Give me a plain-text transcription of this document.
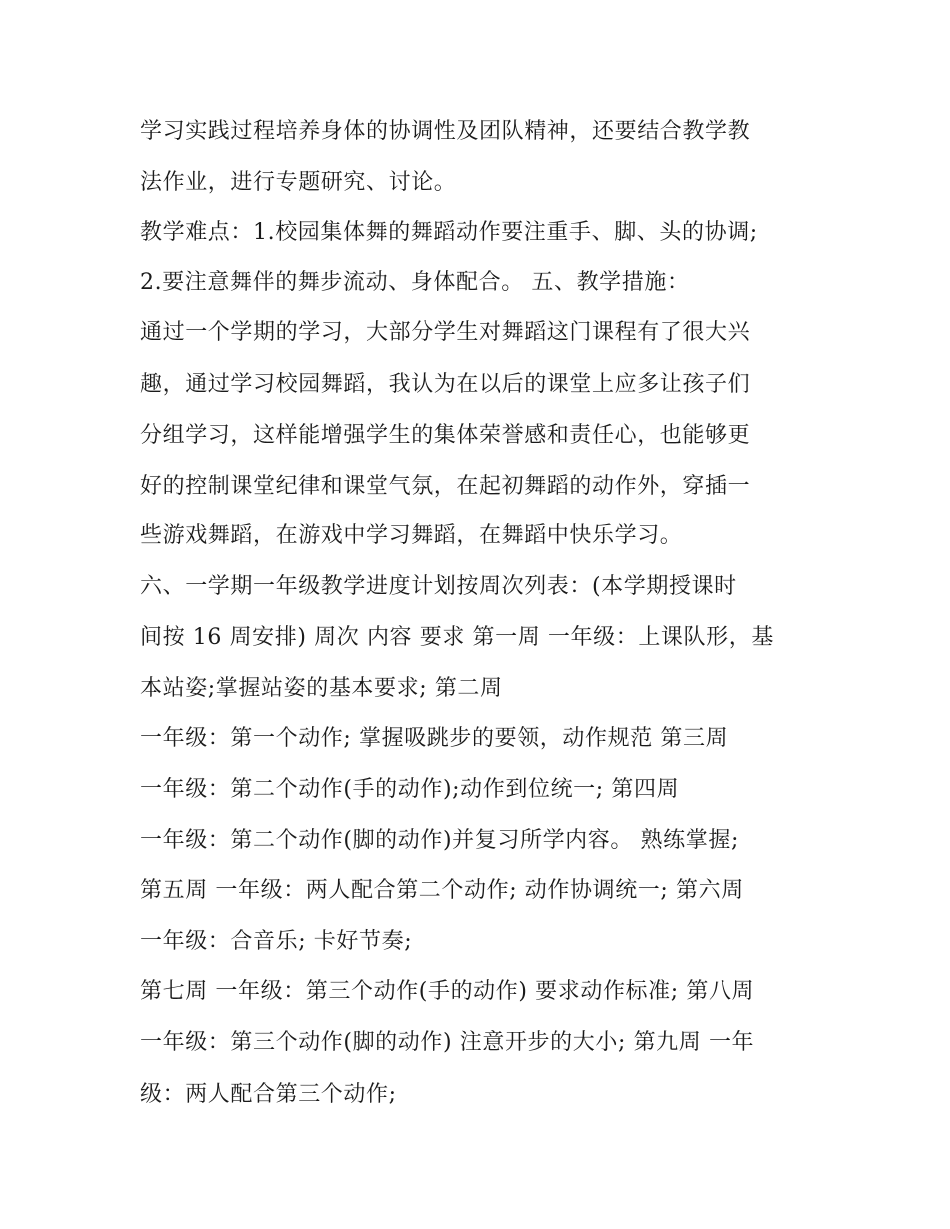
学习实践过程培养身体的协调性及团队精神，还要结合教学教
法作业，进行专题研究、讨论。
教学难点：1.校园集体舞的舞蹈动作要注重手、脚、头的协调;
2.要注意舞伴的舞步流动、身体配合。 五、教学措施：
通过一个学期的学习，大部分学生对舞蹈这门课程有了很大兴
趣，通过学习校园舞蹈，我认为在以后的课堂上应多让孩子们
分组学习，这样能增强学生的集体荣誉感和责任心，也能够更
好的控制课堂纪律和课堂气氛，在起初舞蹈的动作外，穿插一
些游戏舞蹈，在游戏中学习舞蹈，在舞蹈中快乐学习。
六、一学期一年级教学进度计划按周次列表：(本学期授课时
间按 16 周安排) 周次 内容 要求 第一周 一年级：上课队形，基
本站姿;掌握站姿的基本要求; 第二周
一年级：第一个动作; 掌握吸跳步的要领，动作规范 第三周
一年级：第二个动作(手的动作);动作到位统一; 第四周
一年级：第二个动作(脚的动作)并复习所学内容。 熟练掌握;
第五周 一年级：两人配合第二个动作; 动作协调统一; 第六周
一年级：合音乐; 卡好节奏;
第七周 一年级：第三个动作(手的动作) 要求动作标准; 第八周
一年级：第三个动作(脚的动作) 注意开步的大小; 第九周 一年
级：两人配合第三个动作;
